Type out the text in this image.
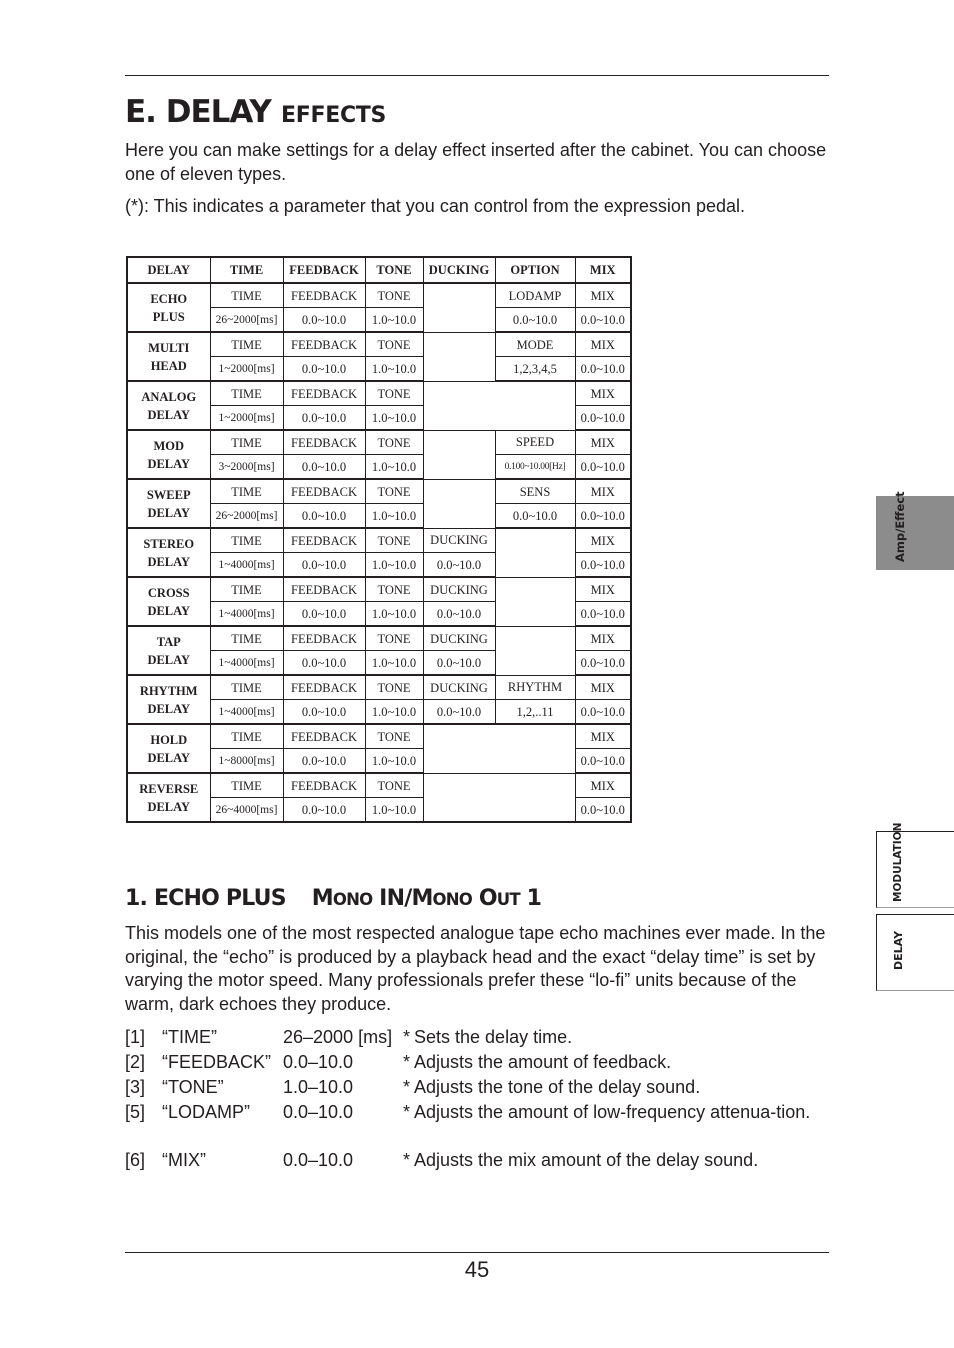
E. DELAY EFFECTS

Here you can make settings for a delay effect inserted after the cabinet. You can choose one of eleven types.

(*): This indicates a parameter that you can control from the expression pedal.

DELAY	TIME	FEEDBACK	TONE	DUCKING	OPTION	MIX

ECHO
PLUS	TIME	FEEDBACK	TONE		LODAMP	MIX
	26~2000[ms]	0.0~10.0	1.0~10.0		0.0~10.0	0.0~10.0

MULTI
HEAD	TIME	FEEDBACK	TONE		MODE	MIX
	1~2000[ms]	0.0~10.0	1.0~10.0		1,2,3,4,5	0.0~10.0

ANALOG
DELAY	TIME	FEEDBACK	TONE			MIX
	1~2000[ms]	0.0~10.0	1.0~10.0			0.0~10.0

MOD
DELAY	TIME	FEEDBACK	TONE		SPEED	MIX
	3~2000[ms]	0.0~10.0	1.0~10.0		0.100~10.00[Hz]	0.0~10.0

SWEEP
DELAY	TIME	FEEDBACK	TONE		SENS	MIX
	26~2000[ms]	0.0~10.0	1.0~10.0		0.0~10.0	0.0~10.0

STEREO
DELAY	TIME	FEEDBACK	TONE	DUCKING		MIX
	1~4000[ms]	0.0~10.0	1.0~10.0	0.0~10.0		0.0~10.0

CROSS
DELAY	TIME	FEEDBACK	TONE	DUCKING		MIX
	1~4000[ms]	0.0~10.0	1.0~10.0	0.0~10.0		0.0~10.0

TAP
DELAY	TIME	FEEDBACK	TONE	DUCKING		MIX
	1~4000[ms]	0.0~10.0	1.0~10.0	0.0~10.0		0.0~10.0

RHYTHM
DELAY	TIME	FEEDBACK	TONE	DUCKING	RHYTHM	MIX
	1~4000[ms]	0.0~10.0	1.0~10.0	0.0~10.0	1,2,..11	0.0~10.0

HOLD
DELAY	TIME	FEEDBACK	TONE			MIX
	1~8000[ms]	0.0~10.0	1.0~10.0			0.0~10.0

REVERSE
DELAY	TIME	FEEDBACK	TONE			MIX
	26~4000[ms]	0.0~10.0	1.0~10.0			0.0~10.0
1. ECHO PLUS MONO IN/MONO OUT 1

This models one of the most respected analogue tape echo machines ever made. In the original, the “echo” is produced by a playback head and the exact “delay time” is set by varying the motor speed. Many professionals prefer these “lo-fi” units because of the warm, dark echoes they produce.

[1] “TIME”	26–2000 [ms] * Sets the delay time.
[2] “FEEDBACK” 0.0–10.0	* Adjusts the amount of feedback.
[3] “TONE”	1.0–10.0	* Adjusts the tone of the delay sound.
[5] “LODAMP” 0.0–10.0	* Adjusts the amount of low-frequency attenua-tion.
[6] “MIX”	0.0–10.0	* Adjusts the mix amount of the delay sound.
Amp/Effect
MODULATION
DELAY
45
